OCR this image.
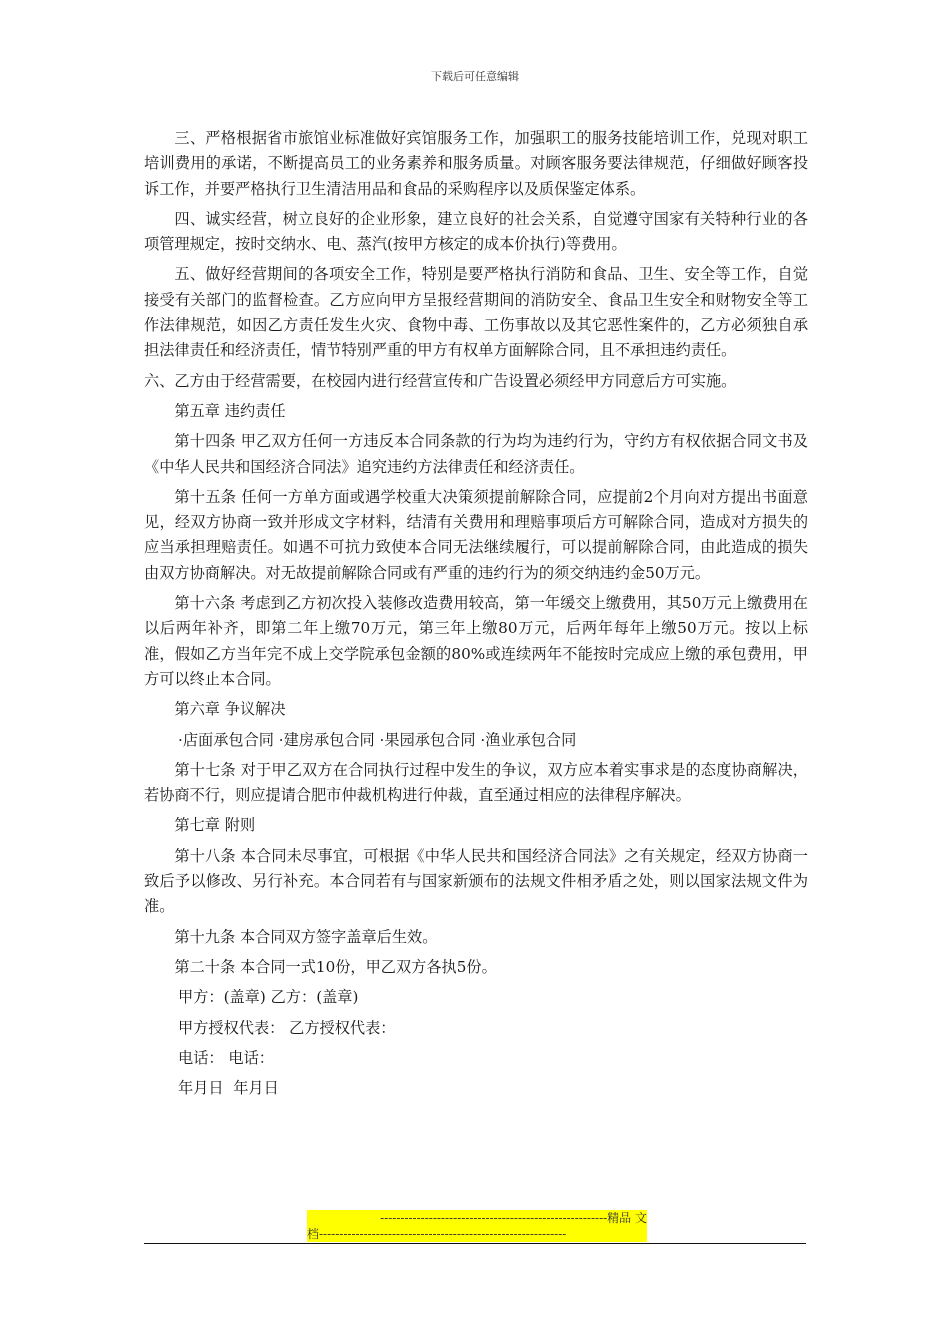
下载后可任意编辑

三、严格根据省市旅馆业标准做好宾馆服务工作，加强职工的服务技能培训工作，兑现对职工培训费用的承诺，不断提高员工的业务素养和服务质量。对顾客服务要法律规范，仔细做好顾客投诉工作，并要严格执行卫生清洁用品和食品的采购程序以及质保鉴定体系。

四、诚实经营，树立良好的企业形象，建立良好的社会关系，自觉遵守国家有关特种行业的各项管理规定，按时交纳水、电、蒸汽(按甲方核定的成本价执行)等费用。

五、做好经营期间的各项安全工作，特别是要严格执行消防和食品、卫生、安全等工作，自觉接受有关部门的监督检查。乙方应向甲方呈报经营期间的消防安全、食品卫生安全和财物安全等工作法律规范，如因乙方责任发生火灾、食物中毒、工伤事故以及其它恶性案件的，乙方必须独自承担法律责任和经济责任，情节特别严重的甲方有权单方面解除合同，且不承担违约责任。

六、乙方由于经营需要，在校园内进行经营宣传和广告设置必须经甲方同意后方可实施。

第五章 违约责任

第十四条 甲乙双方任何一方违反本合同条款的行为均为违约行为，守约方有权依据合同文书及《中华人民共和国经济合同法》追究违约方法律责任和经济责任。

第十五条 任何一方单方面或遇学校重大决策须提前解除合同，应提前2个月向对方提出书面意见，经双方协商一致并形成文字材料，结清有关费用和理赔事项后方可解除合同，造成对方损失的应当承担理赔责任。如遇不可抗力致使本合同无法继续履行，可以提前解除合同，由此造成的损失由双方协商解决。对无故提前解除合同或有严重的违约行为的须交纳违约金50万元。

第十六条 考虑到乙方初次投入装修改造费用较高，第一年缓交上缴费用，其50万元上缴费用在以后两年补齐，即第二年上缴70万元，第三年上缴80万元，后两年每年上缴50万元。按以上标准，假如乙方当年完不成上交学院承包金额的80%或连续两年不能按时完成应上缴的承包费用，甲方可以终止本合同。

第六章 争议解决

·店面承包合同 ·建房承包合同 ·果园承包合同 ·渔业承包合同

第十七条 对于甲乙双方在合同执行过程中发生的争议，双方应本着实事求是的态度协商解决，若协商不行，则应提请合肥市仲裁机构进行仲裁，直至通过相应的法律程序解决。

第七章 附则

第十八条 本合同未尽事宜，可根据《中华人民共和国经济合同法》之有关规定，经双方协商一致后予以修改、另行补充。本合同若有与国家新颁布的法规文件相矛盾之处，则以国家法规文件为准。

第十九条 本合同双方签字盖章后生效。

第二十条 本合同一式10份，甲乙双方各执5份。

甲方：(盖章) 乙方：(盖章)
甲方授权代表： 乙方授权代表：
电话： 电话：
年月日 年月日
--------------------------------------------------------精品 文
档-------------------------------------------------------------
